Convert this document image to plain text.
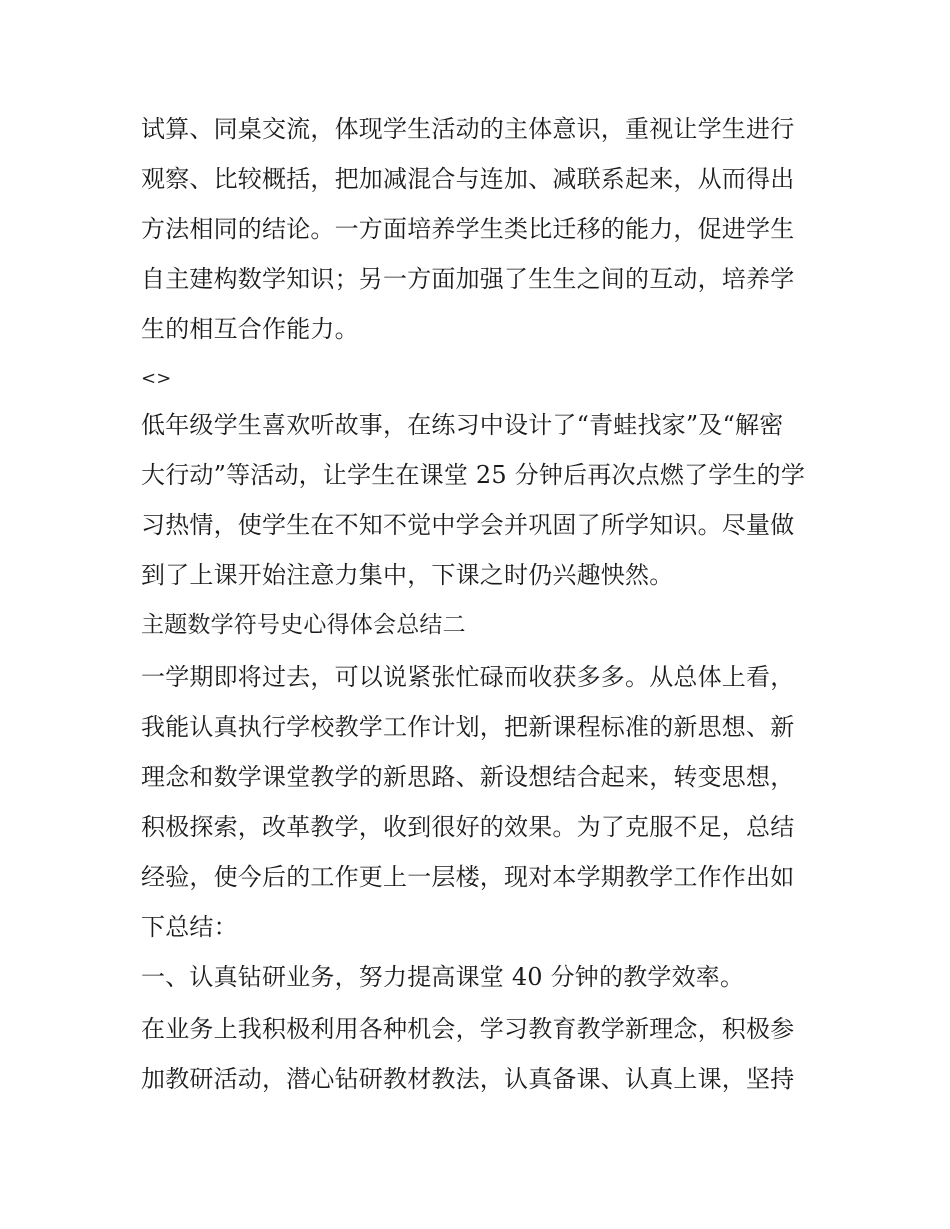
试算、同桌交流，体现学生活动的主体意识，重视让学生进行
观察、比较概括，把加减混合与连加、减联系起来，从而得出
方法相同的结论。一方面培养学生类比迁移的能力，促进学生
自主建构数学知识；另一方面加强了生生之间的互动，培养学
生的相互合作能力。
<>
低年级学生喜欢听故事，在练习中设计了“青蛙找家”及“解密
大行动”等活动，让学生在课堂 25 分钟后再次点燃了学生的学
习热情，使学生在不知不觉中学会并巩固了所学知识。尽量做
到了上课开始注意力集中，下课之时仍兴趣怏然。
主题数学符号史心得体会总结二
一学期即将过去，可以说紧张忙碌而收获多多。从总体上看，
我能认真执行学校教学工作计划，把新课程标准的新思想、新
理念和数学课堂教学的新思路、新设想结合起来，转变思想，
积极探索，改革教学，收到很好的效果。为了克服不足，总结
经验，使今后的工作更上一层楼，现对本学期教学工作作出如
下总结：
一、认真钻研业务，努力提高课堂 40 分钟的教学效率。
在业务上我积极利用各种机会，学习教育教学新理念，积极参
加教研活动，潜心钻研教材教法，认真备课、认真上课，坚持
